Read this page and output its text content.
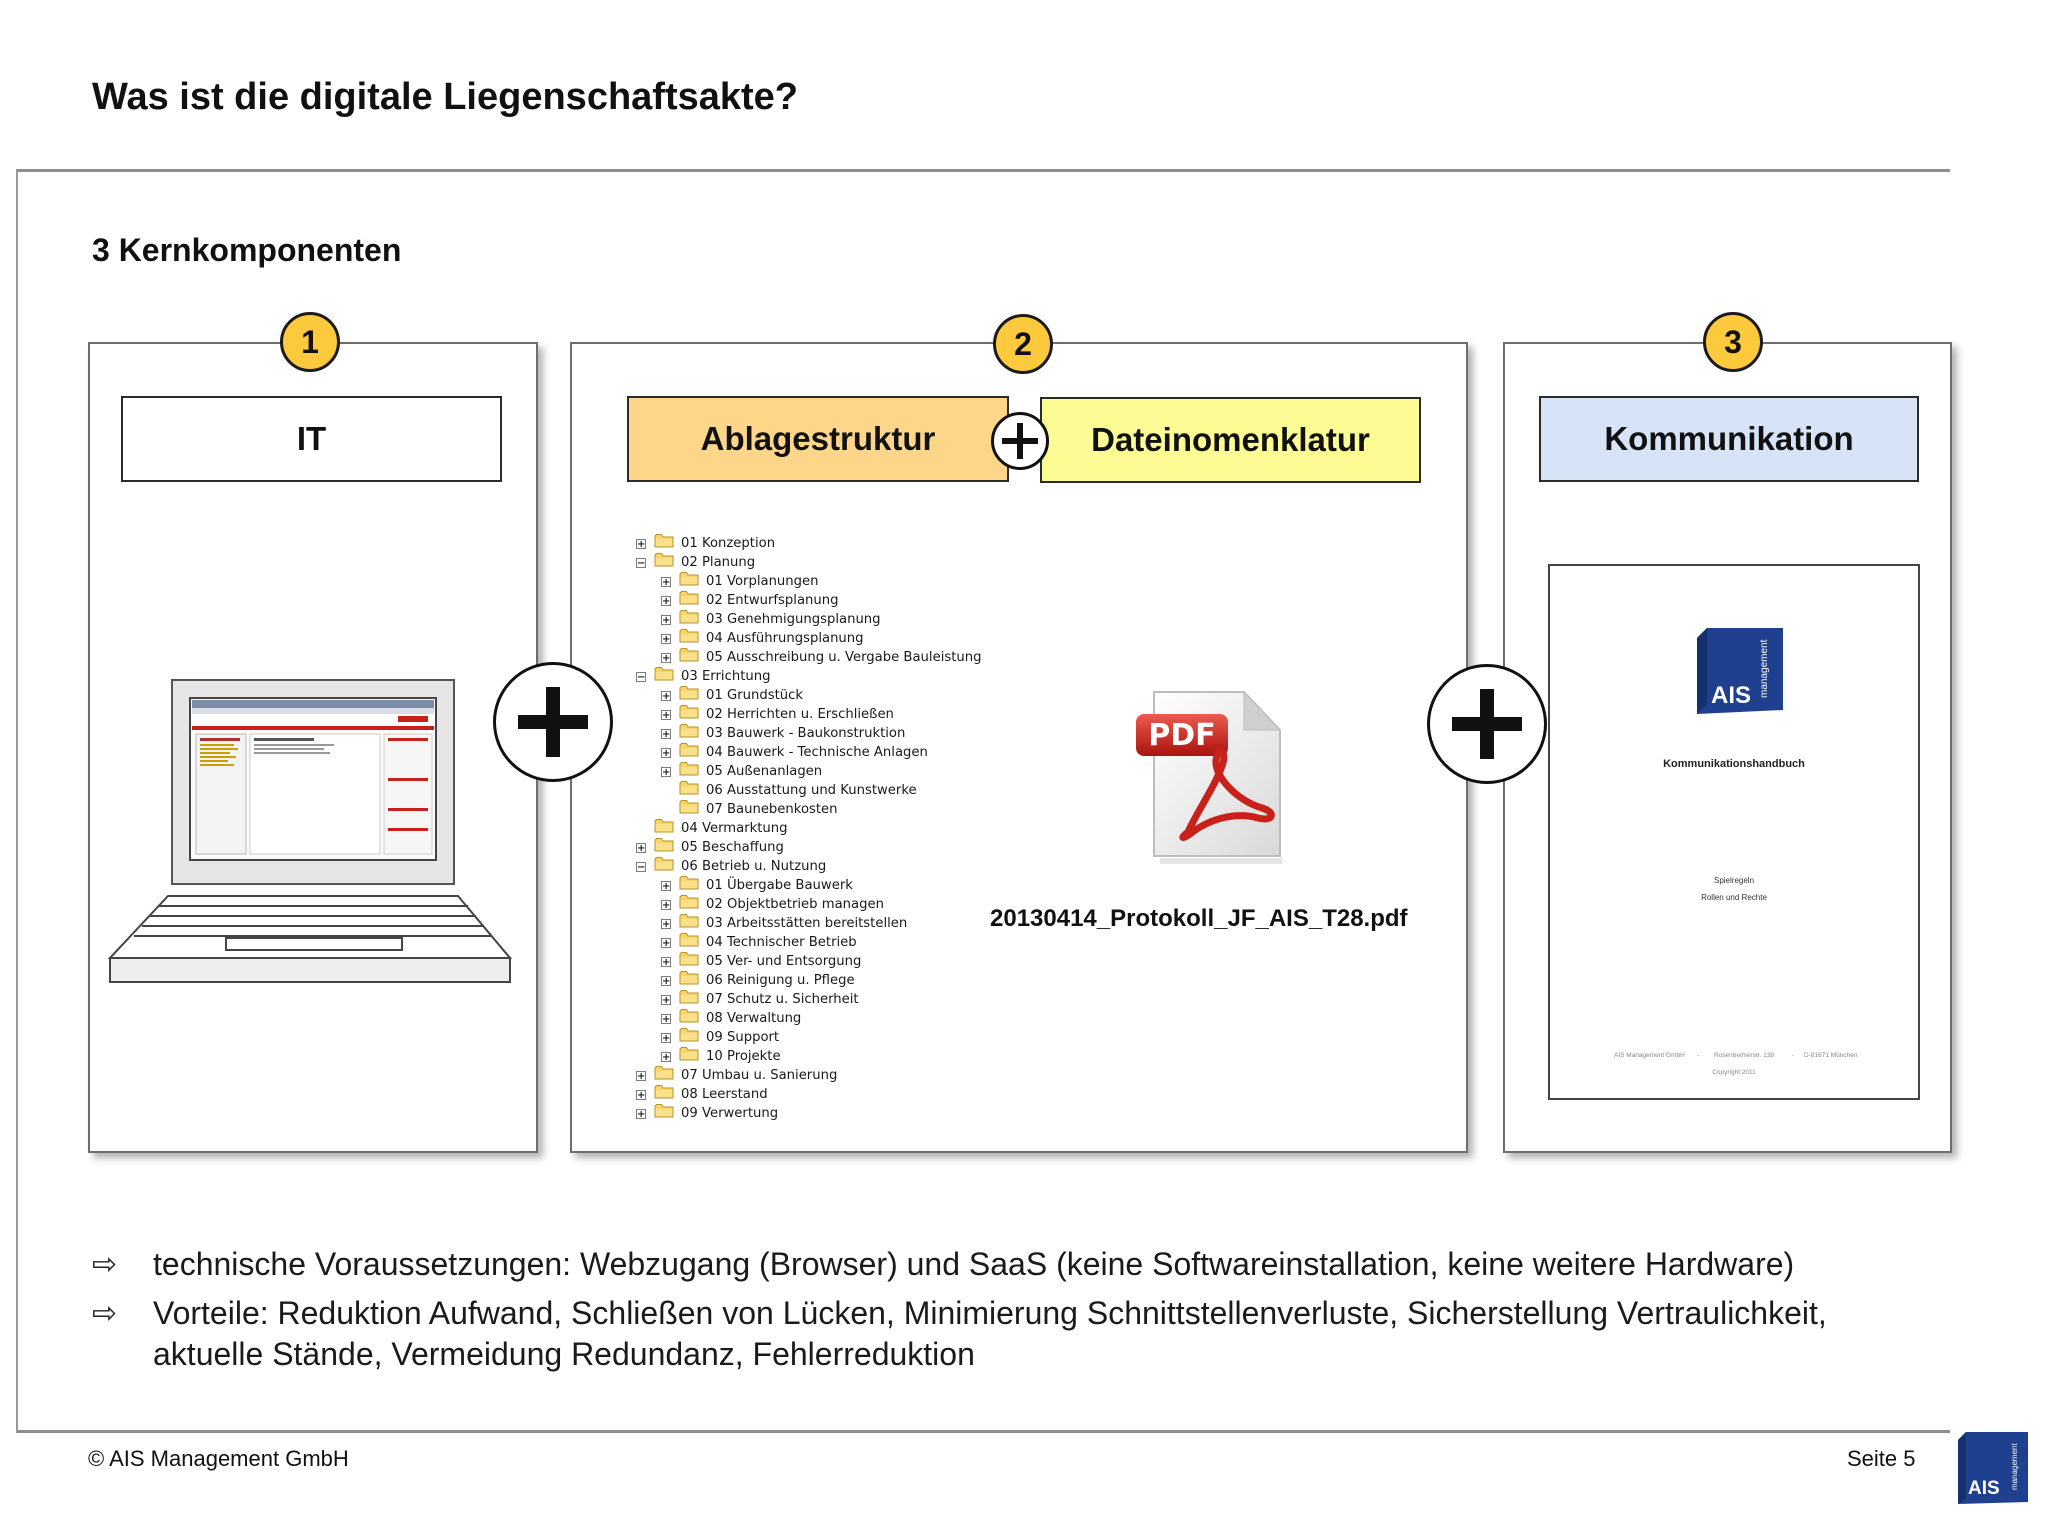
Was ist die digitale Liegenschaftsakte?
3 Kernkomponenten
1	2	3
IT	Ablagestruktur	Dateinomenklatur	Kommunikation
+	01 Konzeption
−	02 Planung
+	01 Vorplanungen
+	02 Entwurfsplanung
+	03 Genehmigungsplanung
+	04 Ausführungsplanung
+	05 Ausschreibung u. Vergabe Bauleistung
−	03 Errichtung
+	01 Grundstück
+	02 Herrichten u. Erschließen
+	03 Bauwerk - Baukonstruktion
+	04 Bauwerk - Technische Anlagen
+	05 Außenanlagen
06 Ausstattung und Kunstwerke
07 Baunebenkosten
04 Vermarktung
+	05 Beschaffung
−	06 Betrieb u. Nutzung
+	01 Übergabe Bauwerk
+	02 Objektbetrieb managen
+	03 Arbeitsstätten bereitstellen
+	04 Technischer Betrieb
+	05 Ver- und Entsorgung
+	06 Reinigung u. Pflege
+	07 Schutz u. Sicherheit
+	08 Verwaltung
+	09 Support
+	10 Projekte
+	07 Umbau u. Sanierung
+	08 Leerstand
+	09 Verwertung
PDF
20130414_Protokoll_JF_AIS_T28.pdf
AIS management
Kommunikationshandbuch
Spielregeln
Rollen und Rechte
AIS Management GmbH - Rosenheimerstr. 139	- D-81671 München
Copyright 2011
⇨ technische Voraussetzungen: Webzugang (Browser) und SaaS (keine Softwareinstallation, keine weitere Hardware)
⇨ Vorteile: Reduktion Aufwand, Schließen von Lücken, Minimierung Schnittstellenverluste, Sicherstellung Vertraulichkeit, aktuelle Stände, Vermeidung Redundanz, Fehlerreduktion
© AIS Management GmbH	Seite 5
AIS management
